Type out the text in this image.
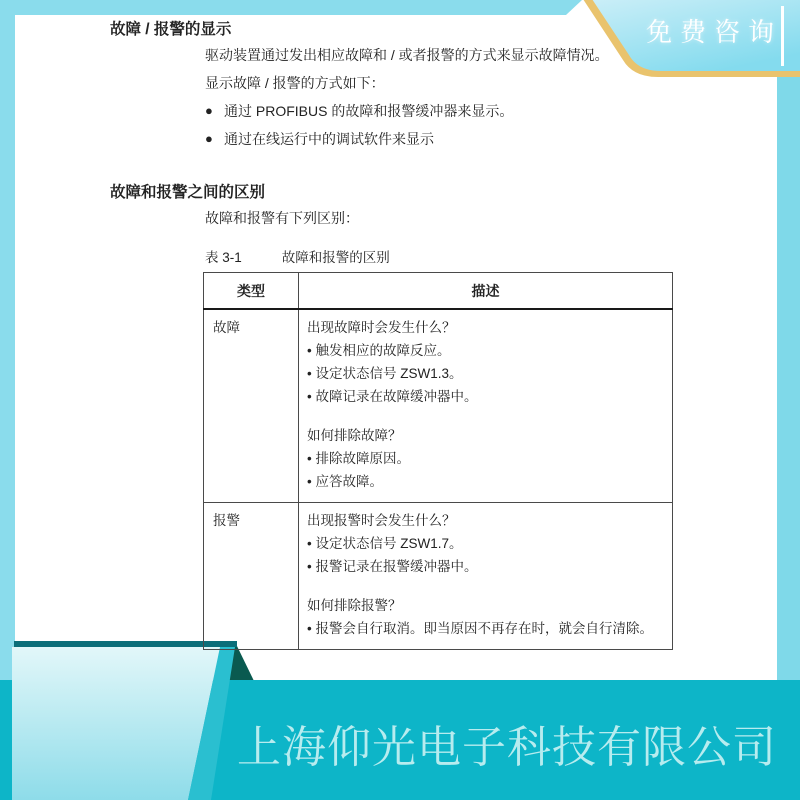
免费咨询
故障 / 报警的显示
驱动装置通过发出相应故障和 / 或者报警的方式来显示故障情况。
显示故障 / 报警的方式如下：
● 通过 PROFIBUS 的故障和报警缓冲器来显示。
● 通过在线运行中的调试软件来显示
故障和报警之间的区别
故障和报警有下列区别：
表 3-1	故障和报警的区别
类型	描述
故障	出现故障时会发生什么？
• 触发相应的故障反应。
• 设定状态信号 ZSW1.3。
• 故障记录在故障缓冲器中。
如何排除故障？
• 排除故障原因。
• 应答故障。

报警	出现报警时会发生什么？
• 设定状态信号 ZSW1.7。
• 报警记录在报警缓冲器中。
如何排除报警？
• 报警会自行取消。即当原因不再存在时，就会自行清除。
上海仰光电子科技有限公司
